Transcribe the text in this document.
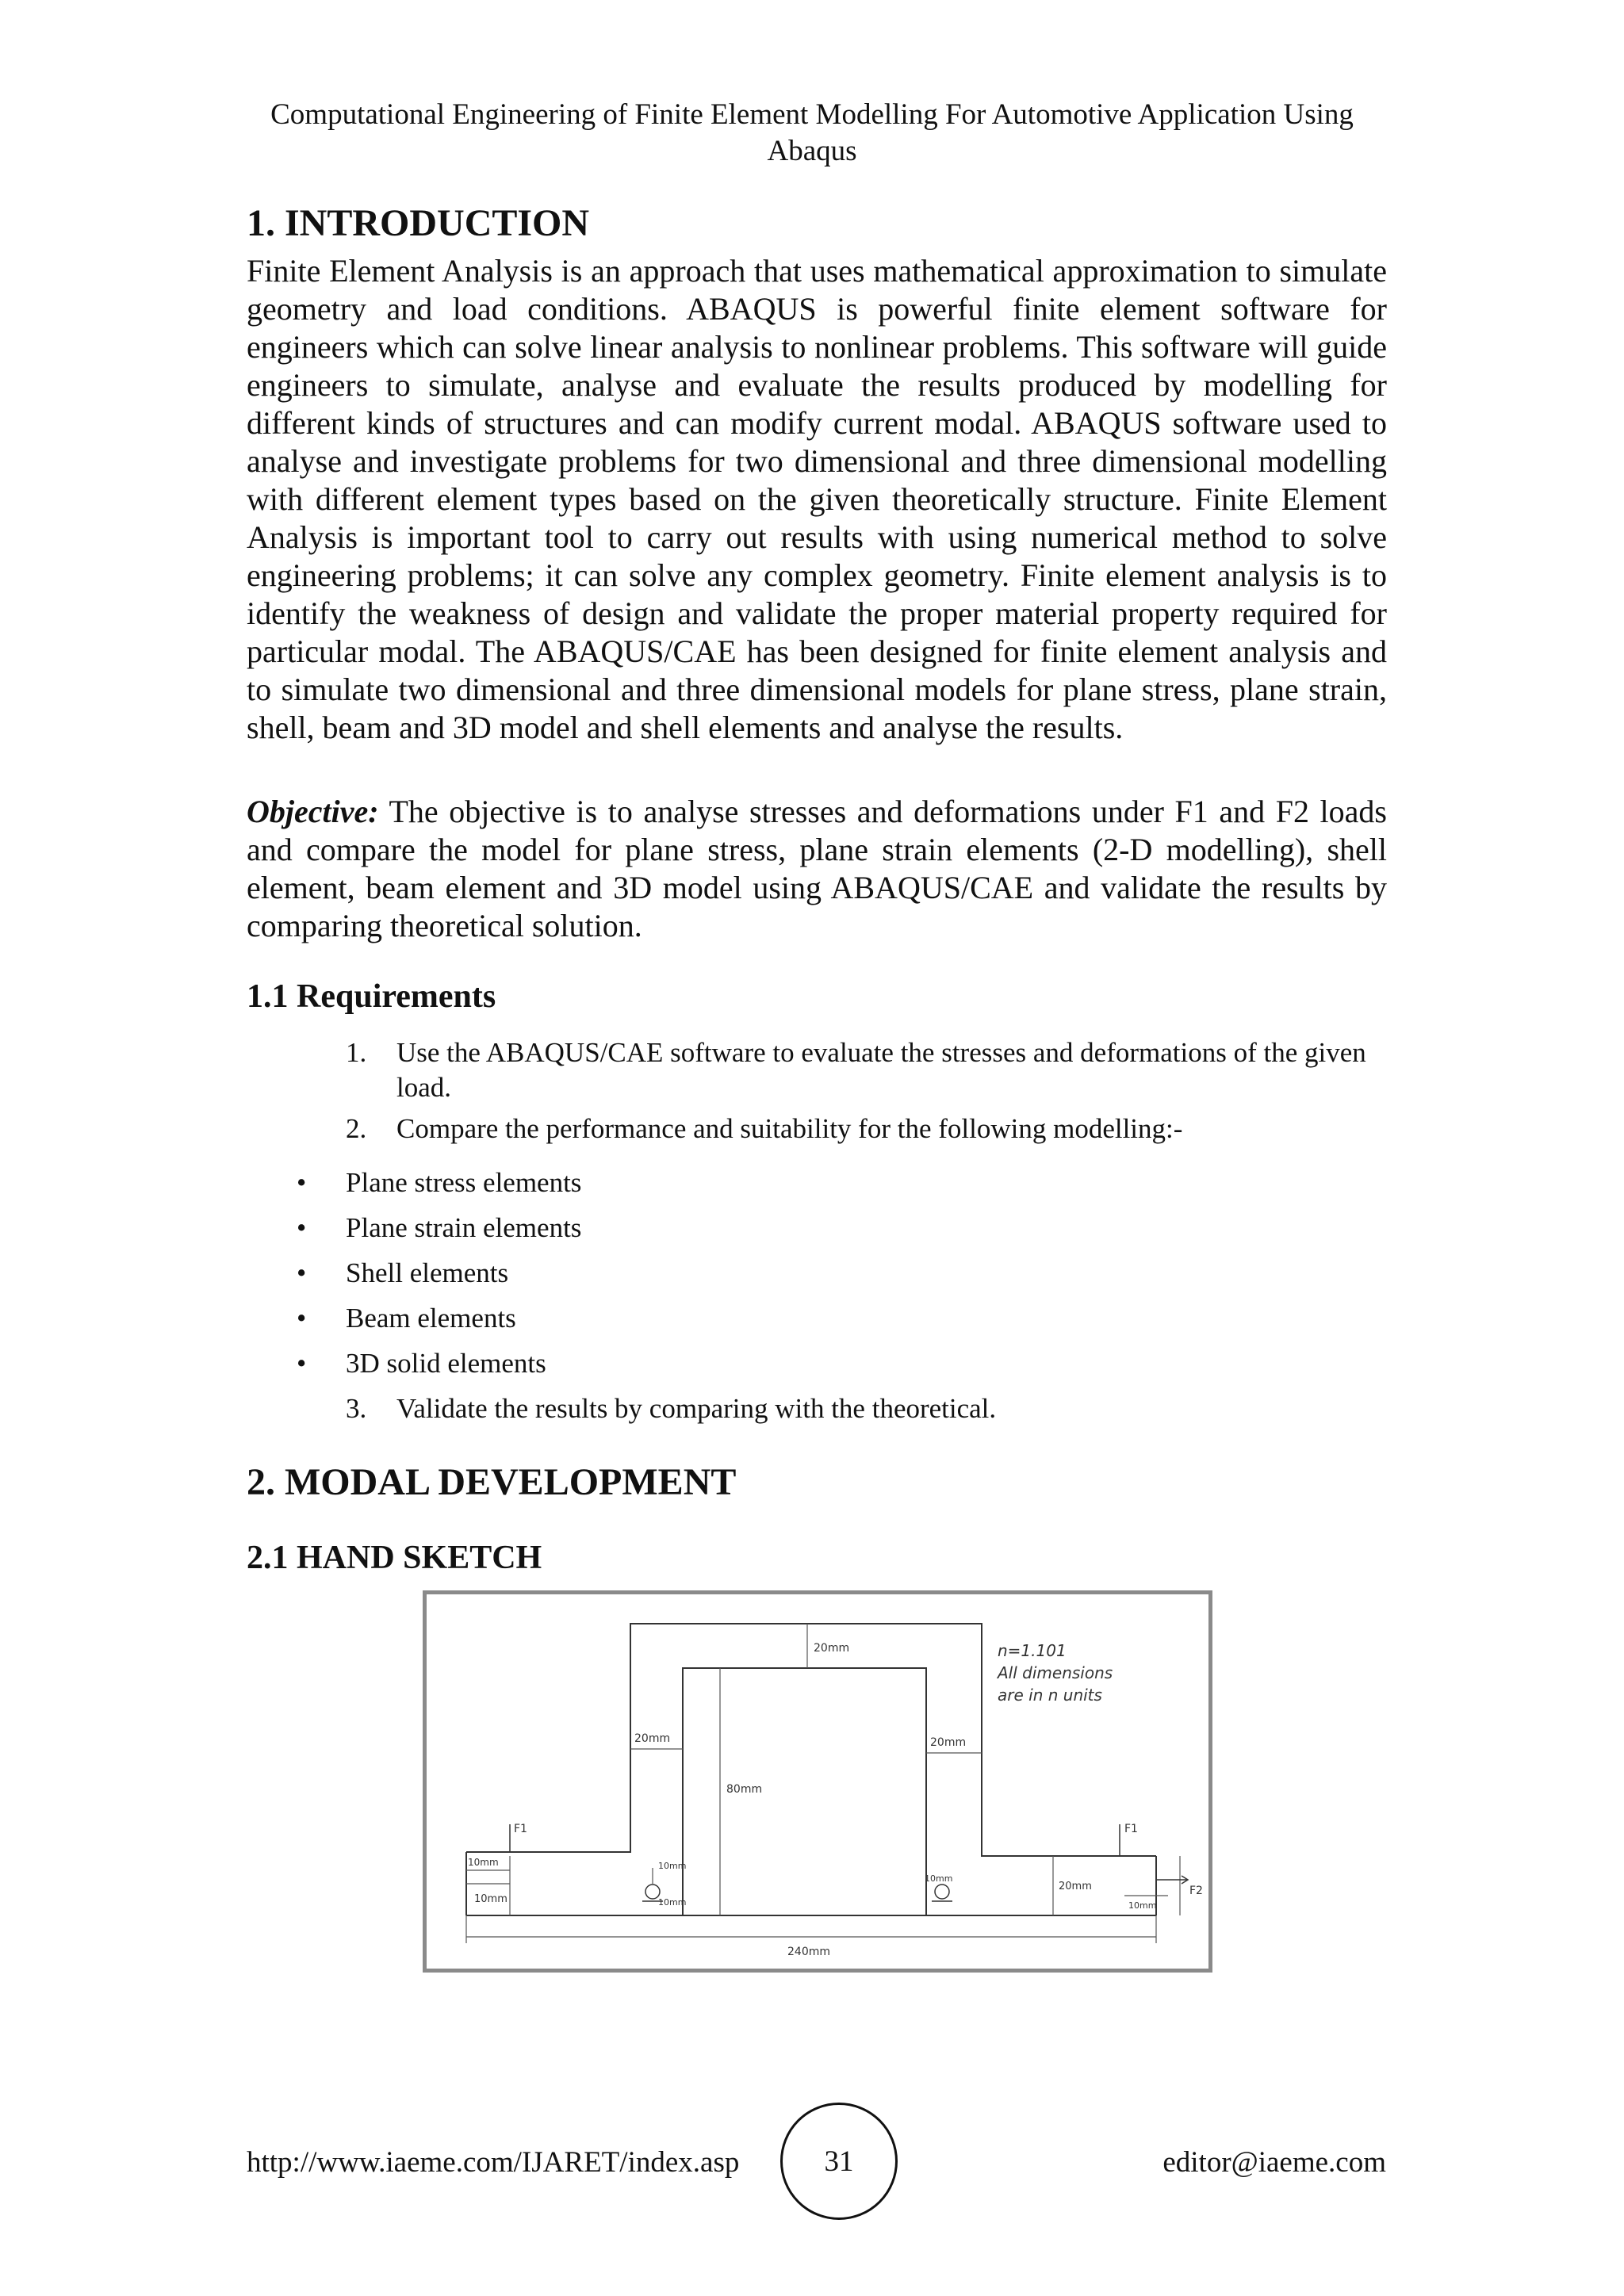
Computational Engineering of Finite Element Modelling For Automotive Application Using Abaqus
1. INTRODUCTION

Finite Element Analysis is an approach that uses mathematical approximation to simulate geometry and load conditions. ABAQUS is powerful finite element software for engineers which can solve linear analysis to nonlinear problems. This software will guide engineers to simulate, analyse and evaluate the results produced by modelling for different kinds of structures and can modify current modal. ABAQUS software used to analyse and investigate problems for two dimensional and three dimensional modelling with different element types based on the given theoretically structure. Finite Element Analysis is important tool to carry out results with using numerical method to solve engineering problems; it can solve any complex geometry. Finite element analysis is to identify the weakness of design and validate the proper material property required for particular modal. The ABAQUS/CAE has been designed for finite element analysis and to simulate two dimensional and three dimensional models for plane stress, plane strain, shell, beam and 3D model and shell elements and analyse the results.

Objective: The objective is to analyse stresses and deformations under F1 and F2 loads and compare the model for plane stress, plane strain elements (2-D modelling), shell element, beam element and 3D model using ABAQUS/CAE and validate the results by comparing theoretical solution.

1.1 Requirements
1.	Use the ABAQUS/CAE software to evaluate the stresses and deformations of the given load.
2.	Compare the performance and suitability for the following modelling:-
• Plane stress elements
• Plane strain elements
• Shell elements
• Beam elements
• 3D solid elements
3.	Validate the results by comparing with the theoretical.
2. MODAL DEVELOPMENT
2.1 HAND SKETCH
20mm
80mm
20mm	20mm
10mm
10mm
10mm
10mm
10mm
20mm
10mm
240mm
F1	F1
F2
n=1.101
All dimensions
are in n units
http://www.iaeme.com/IJARET/index.asp	31	editor@iaeme.com
